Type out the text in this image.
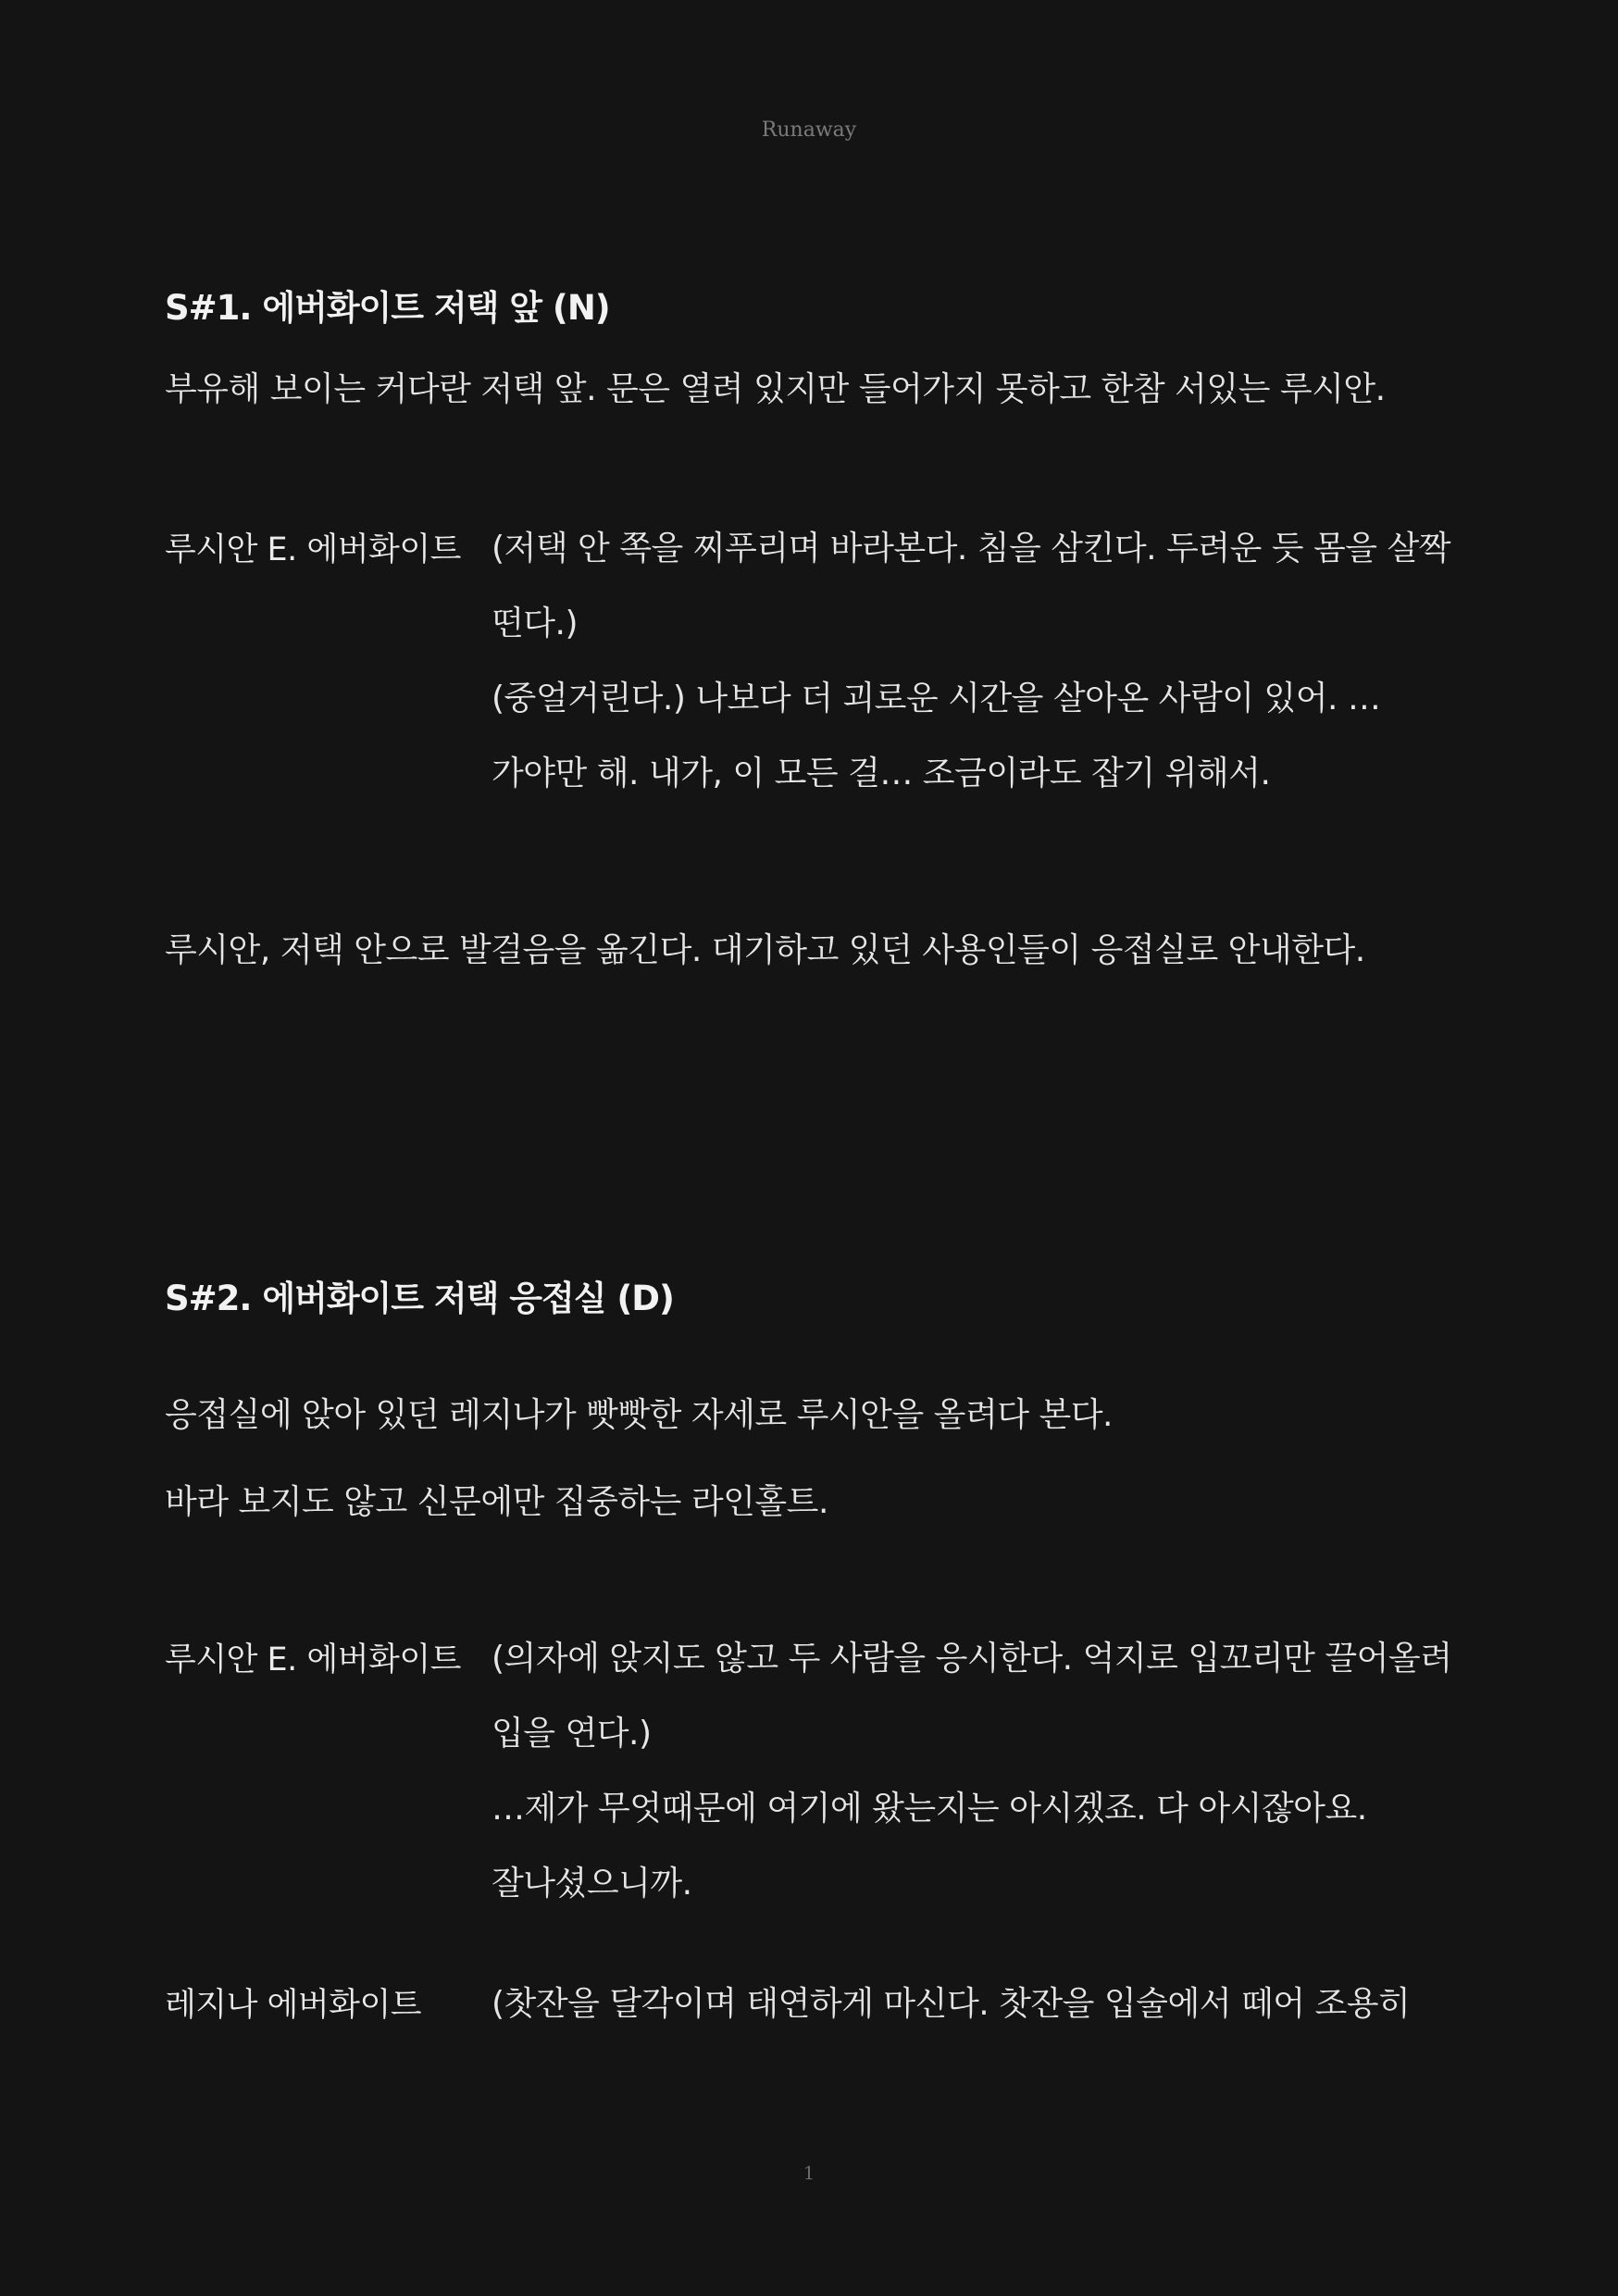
Runaway
S#1. 에버화이트 저택 앞 (N)
부유해 보이는 커다란 저택 앞. 문은 열려 있지만 들어가지 못하고 한참 서있는 루시안.
루시안 E. 에버화이트 (저택 안 쪽을 찌푸리며 바라본다. 침을 삼킨다. 두려운 듯 몸을 살짝 떤다.)

(중얼거린다.) 나보다 더 괴로운 시간을 살아온 사람이 있어. …가야만 해. 내가, 이 모든 걸… 조금이라도 잡기 위해서.

루시안, 저택 안으로 발걸음을 옮긴다. 대기하고 있던 사용인들이 응접실로 안내한다.
S#2. 에버화이트 저택 응접실 (D)
응접실에 앉아 있던 레지나가 빳빳한 자세로 루시안을 올려다 본다.
바라 보지도 않고 신문에만 집중하는 라인홀트.
루시안 E. 에버화이트 (의자에 앉지도 않고 두 사람을 응시한다. 억지로 입꼬리만 끌어올려 입을 연다.)

…제가 무엇때문에 여기에 왔는지는 아시겠죠. 다 아시잖아요. 잘나셨으니까.

레지나 에버화이트 (찻잔을 달각이며 태연하게 마신다. 찻잔을 입술에서 떼어 조용히

1
